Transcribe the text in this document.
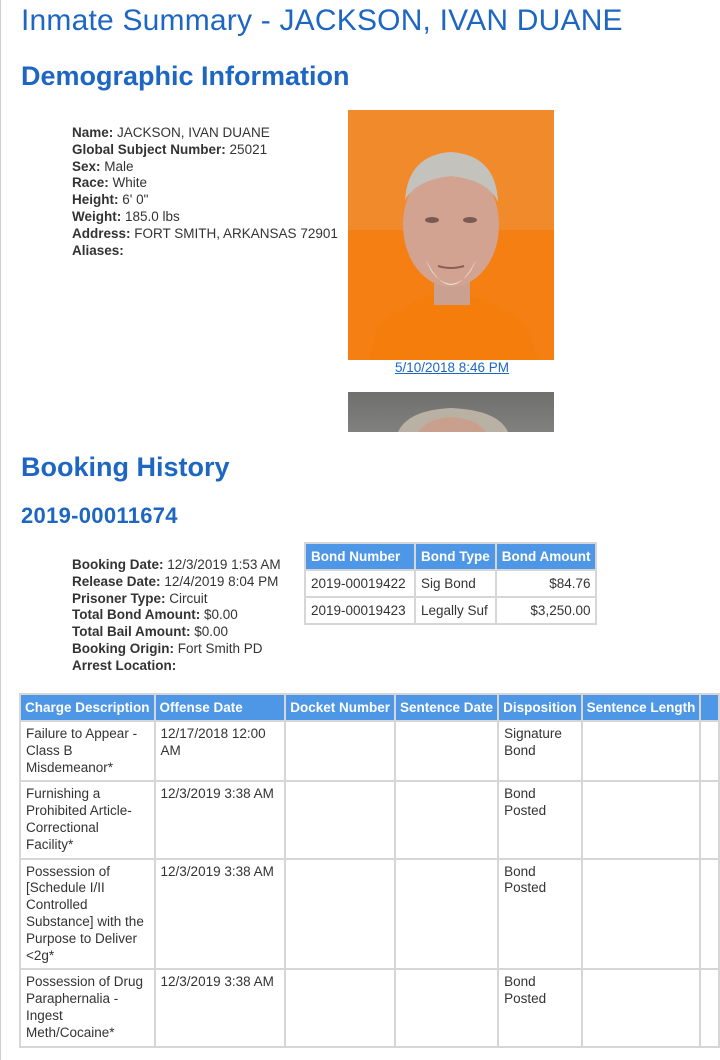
Inmate Summary - JACKSON, IVAN DUANE
Demographic Information
Name: JACKSON, IVAN DUANE
Global Subject Number: 25021
Sex: Male
Race: White
Height: 6' 0"
Weight: 185.0 lbs
Address: FORT SMITH, ARKANSAS 72901
Aliases:
5/10/2018 8:46 PM
Booking History
2019-00011674
Booking Date: 12/3/2019 1:53 AM
Release Date: 12/4/2019 8:04 PM
Prisoner Type: Circuit
Total Bond Amount: $0.00
Total Bail Amount: $0.00
Booking Origin: Fort Smith PD
Arrest Location:
Bond Number	Bond Type	Bond Amount
2019-00019422	Sig Bond	$84.76
2019-00019423	Legally Suf	$3,250.00
Charge Description	Offense Date	Docket Number	Sentence Date	Disposition	Sentence Length	
Failure to Appear - Class B Misdemeanor*	12/17/2018 12:00 AM			Signature Bond		
Furnishing a Prohibited Article-Correctional Facility*	12/3/2019 3:38 AM			Bond Posted		
Possession of [Schedule I/II Controlled Substance] with the Purpose to Deliver <2g*	12/3/2019 3:38 AM			Bond Posted		
Possession of Drug Paraphernalia - Ingest Meth/Cocaine*	12/3/2019 3:38 AM			Bond Posted		
